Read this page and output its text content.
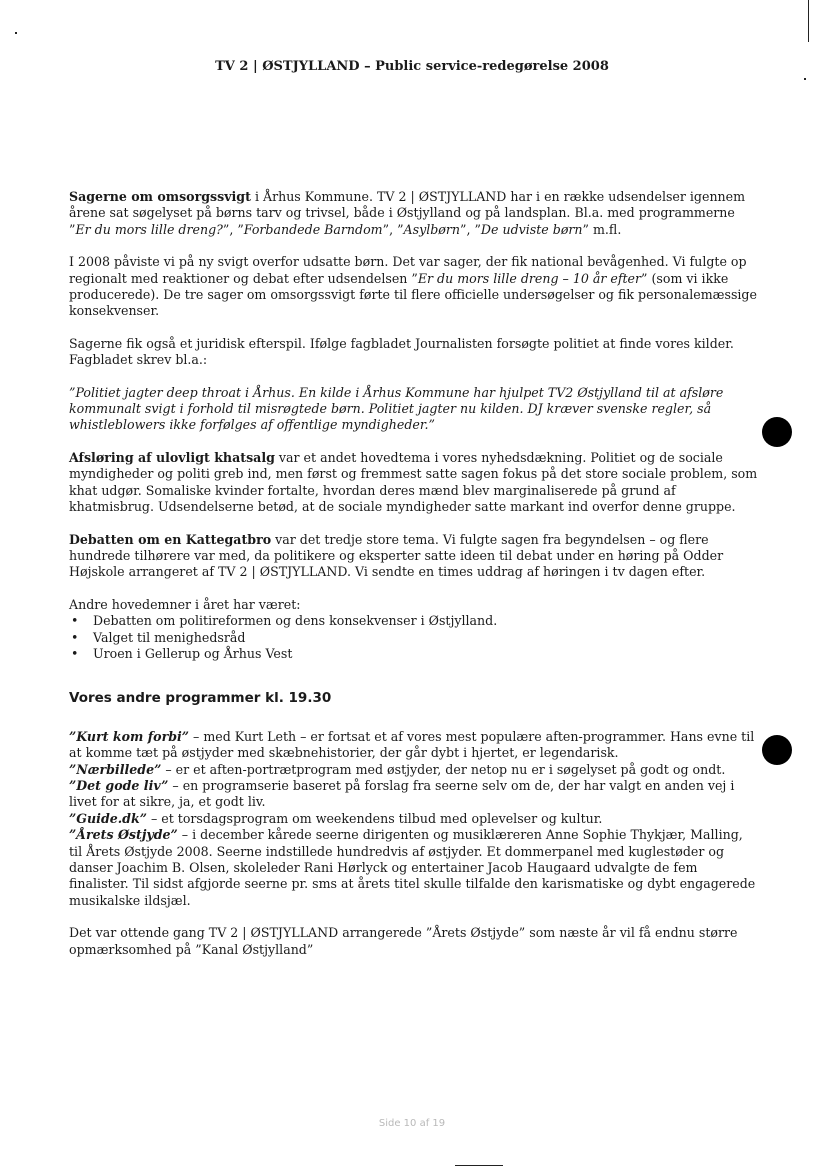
TV 2 | ØSTJYLLAND – Public service-redegørelse 2008

Sagerne om omsorgssvigt i Århus Kommune. TV 2 | ØSTJYLLAND har i en række udsendelser igennem årene sat søgelyset på børns tarv og trivsel, både i Østjylland og på landsplan. Bl.a. med programmerne ”Er du mors lille dreng?”, ”Forbandede Barndom”, ”Asylbørn”, ”De udviste børn” m.fl.

I 2008 påviste vi på ny svigt overfor udsatte børn. Det var sager, der fik national bevågenhed. Vi fulgte op regionalt med reaktioner og debat efter udsendelsen ”Er du mors lille dreng – 10 år efter” (som vi ikke producerede). De tre sager om omsorgssvigt førte til flere officielle undersøgelser og fik personalemæssige konsekvenser.

Sagerne fik også et juridisk efterspil. Ifølge fagbladet Journalisten forsøgte politiet at finde vores kilder. Fagbladet skrev bl.a.:

”Politiet jagter deep throat i Århus. En kilde i Århus Kommune har hjulpet TV2 Østjylland til at afsløre kommunalt svigt i forhold til misrøgtede børn. Politiet jagter nu kilden. DJ kræver svenske regler, så whistleblowers ikke forfølges af offentlige myndigheder.”

Afsløring af ulovligt khatsalg var et andet hovedtema i vores nyhedsdækning. Politiet og de sociale myndigheder og politi greb ind, men først og fremmest satte sagen fokus på det store sociale problem, som khat udgør. Somaliske kvinder fortalte, hvordan deres mænd blev marginaliserede på grund af khatmisbrug. Udsendelserne betød, at de sociale myndigheder satte markant ind overfor denne gruppe.

Debatten om en Kattegatbro var det tredje store tema. Vi fulgte sagen fra begyndelsen – og flere hundrede tilhørere var med, da politikere og eksperter satte ideen til debat under en høring på Odder Højskole arrangeret af TV 2 | ØSTJYLLAND. Vi sendte en times uddrag af høringen i tv dagen efter.

Andre hovedemner i året har været:

• Debatten om politireformen og dens konsekvenser i Østjylland.
• Valget til menighedsråd
• Uroen i Gellerup og Århus Vest

Vores andre programmer kl. 19.30

”Kurt kom forbi” – med Kurt Leth – er fortsat et af vores mest populære aften-programmer. Hans evne til at komme tæt på østjyder med skæbnehistorier, der går dybt i hjertet, er legendarisk.

”Nærbillede” – er et aften-portrætprogram med østjyder, der netop nu er i søgelyset på godt og ondt.

”Det gode liv” – en programserie baseret på forslag fra seerne selv om de, der har valgt en anden vej i livet for at sikre, ja, et godt liv.

”Guide.dk” – et torsdagsprogram om weekendens tilbud med oplevelser og kultur.

”Årets Østjyde” – i december kårede seerne dirigenten og musiklæreren Anne Sophie Thykjær, Malling, til Årets Østjyde 2008. Seerne indstillede hundredvis af østjyder. Et dommerpanel med kuglestøder og danser Joachim B. Olsen, skoleleder Rani Hørlyck og entertainer Jacob Haugaard udvalgte de fem finalister. Til sidst afgjorde seerne pr. sms at årets titel skulle tilfalde den karismatiske og dybt engagerede musikalske ildsjæl.

Det var ottende gang TV 2 | ØSTJYLLAND arrangerede ”Årets Østjyde” som næste år vil få endnu større opmærksomhed på ”Kanal Østjylland”

Side 10 af 19
